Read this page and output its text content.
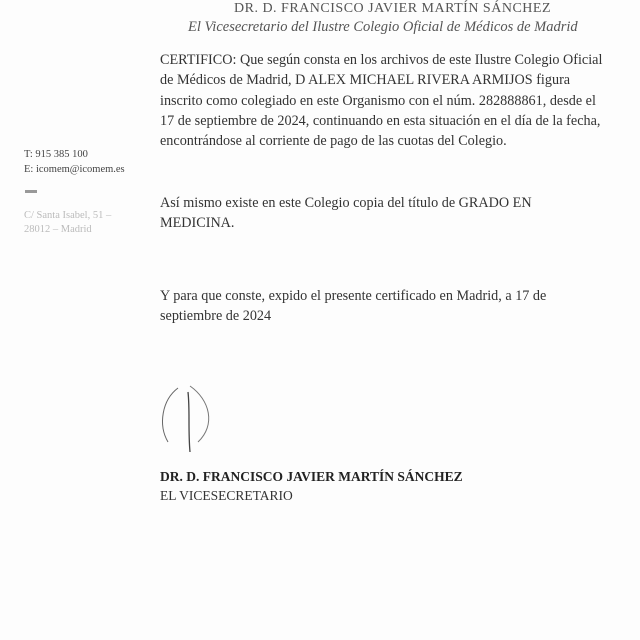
DR. D. FRANCISCO JAVIER MARTÍN SÁNCHEZ
El Vicesecretario del Ilustre Colegio Oficial de Médicos de Madrid
T: 915 385 100
E: icomem@icomem.es
C/ Santa Isabel, 51 –
28012 – Madrid
CERTIFICO: Que según consta en los archivos de este Ilustre Colegio Oficial de Médicos de Madrid, D ALEX MICHAEL RIVERA ARMIJOS figura inscrito como colegiado en este Organismo con el núm. 282888861, desde el 17 de septiembre de 2024, continuando en esta situación en el día de la fecha, encontrándose al corriente de pago de las cuotas del Colegio.
Así mismo existe en este Colegio copia del título de GRADO EN MEDICINA.
Y para que conste, expido el presente certificado en Madrid, a 17 de septiembre de 2024
DR. D. FRANCISCO JAVIER MARTÍN SÁNCHEZ
EL VICESECRETARIO
